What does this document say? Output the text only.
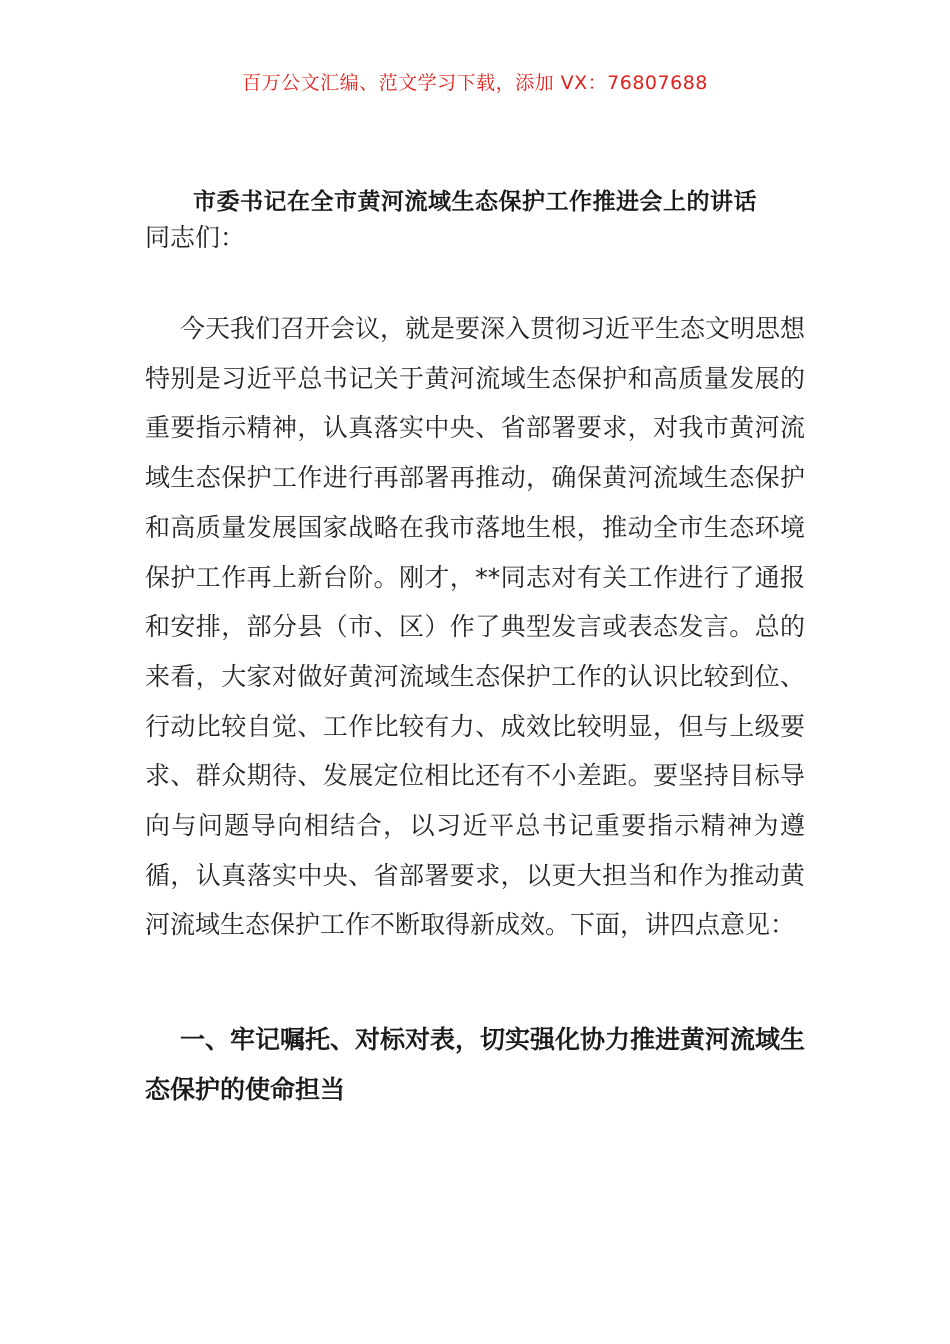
百万公文汇编、范文学习下载，添加 VX：76807688
市委书记在全市黄河流域生态保护工作推进会上的讲话
同志们：

今天我们召开会议，就是要深入贯彻习近平生态文明思想特别是习近平总书记关于黄河流域生态保护和高质量发展的重要指示精神，认真落实中央、省部署要求，对我市黄河流域生态保护工作进行再部署再推动，确保黄河流域生态保护和高质量发展国家战略在我市落地生根，推动全市生态环境保护工作再上新台阶。刚才，**同志对有关工作进行了通报和安排，部分县（市、区）作了典型发言或表态发言。总的来看，大家对做好黄河流域生态保护工作的认识比较到位、行动比较自觉、工作比较有力、成效比较明显，但与上级要求、群众期待、发展定位相比还有不小差距。要坚持目标导向与问题导向相结合，以习近平总书记重要指示精神为遵循，认真落实中央、省部署要求，以更大担当和作为推动黄河流域生态保护工作不断取得新成效。下面，讲四点意见：

一、牢记嘱托、对标对表，切实强化协力推进黄河流域生态保护的使命担当
